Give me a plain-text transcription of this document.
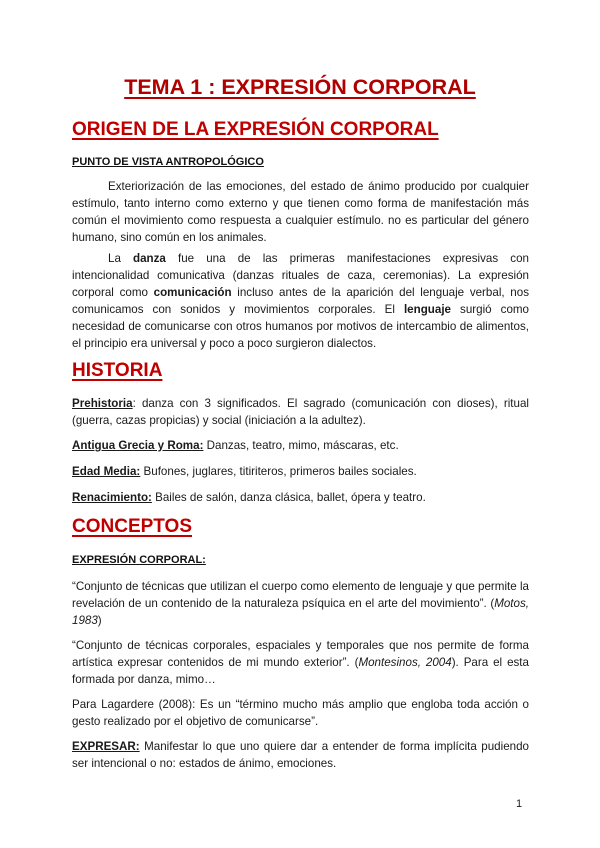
TEMA 1 : EXPRESIÓN CORPORAL
ORIGEN DE LA EXPRESIÓN CORPORAL
PUNTO DE VISTA ANTROPOLÓGICO

Exteriorización de las emociones, del estado de ánimo producido por cualquier estímulo, tanto interno como externo y que tienen como forma de manifestación más común el movimiento como respuesta a cualquier estímulo. no es particular del género humano, sino común en los animales.

La danza fue una de las primeras manifestaciones expresivas con intencionalidad comunicativa (danzas rituales de caza, ceremonias). La expresión corporal como comunicación incluso antes de la aparición del lenguaje verbal, nos comunicamos con sonidos y movimientos corporales. El lenguaje surgió como necesidad de comunicarse con otros humanos por motivos de intercambio de alimentos, el principio era universal y poco a poco surgieron dialectos.

HISTORIA

Prehistoria: danza con 3 significados. El sagrado (comunicación con dioses), ritual (guerra, cazas propicias) y social (iniciación a la adultez).

Antigua Grecia y Roma: Danzas, teatro, mimo, máscaras, etc.

Edad Media: Bufones, juglares, titiriteros, primeros bailes sociales.

Renacimiento: Bailes de salón, danza clásica, ballet, ópera y teatro.

CONCEPTOS
EXPRESIÓN CORPORAL:

“Conjunto de técnicas que utilizan el cuerpo como elemento de lenguaje y que permite la revelación de un contenido de la naturaleza psíquica en el arte del movimiento”. (Motos, 1983)

“Conjunto de técnicas corporales, espaciales y temporales que nos permite de forma artística expresar contenidos de mi mundo exterior”. (Montesinos, 2004). Para el esta formada por danza, mimo…

Para Lagardere (2008): Es un “término mucho más amplio que engloba toda acción o gesto realizado por el objetivo de comunicarse”.

EXPRESAR: Manifestar lo que uno quiere dar a entender de forma implícita pudiendo ser intencional o no: estados de ánimo, emociones.

1
